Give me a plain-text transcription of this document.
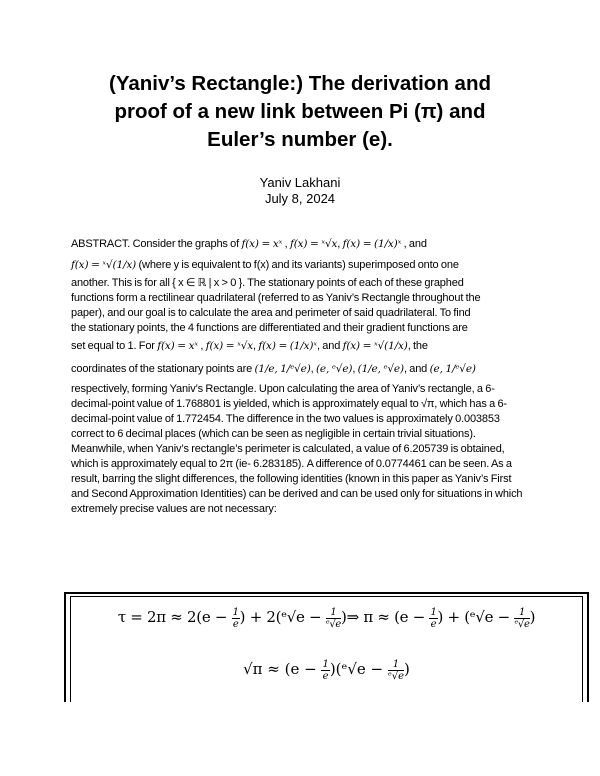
(Yaniv’s Rectangle:) The derivation and
proof of a new link between Pi (π) and
Euler’s number (e).
Yaniv Lakhani
July 8, 2024
ABSTRACT. Consider the graphs of f(x) = xˣ , f(x) = ˣ√x, f(x) = (1/x)ˣ , and
f(x) = ˣ√(1/x) (where y is equivalent to f(x) and its variants) superimposed onto one

another. This is for all { x ∈ ℝ | x > 0 }. The stationary points of each of these graphed

functions form a rectilinear quadrilateral (referred to as Yaniv’s Rectangle throughout the

paper), and our goal is to calculate the area and perimeter of said quadrilateral. To find

the stationary points, the 4 functions are differentiated and their gradient functions are

set equal to 1. For f(x) = xˣ , f(x) = ˣ√x, f(x) = (1/x)ˣ, and f(x) = ˣ√(1/x), the
coordinates of the stationary points are (1/e, 1/ᵉ√e), (e, ᵉ√e), (1/e, ᵉ√e), and (e, 1/ᵉ√e)

respectively, forming Yaniv’s Rectangle. Upon calculating the area of Yaniv’s rectangle, a 6-decimal-point value of 1.768801 is yielded, which is approximately equal to √π, which has a 6-decimal-point value of 1.772454. The difference in the two values is approximately 0.003853 correct to 6 decimal places (which can be seen as negligible in certain trivial situations). Meanwhile, when Yaniv’s rectangle’s perimeter is calculated, a value of 6.205739 is obtained, which is approximately equal to 2π (ie- 6.283185). A difference of 0.0774461 can be seen. As a result, barring the slight differences, the following identities (known in this paper as Yaniv’s First and Second Approximation Identities) can be derived and can be used only for situations in which extremely precise values are not necessary:

$\tau = 2\pi \approx 2(e - \frac{1}{e}$ ) + 2(ᵉ√e − $\frac{1}{\text{ᵉ√e}}$ )⇒ $\pi \approx (e - \frac{1}{e}$ ) + (ᵉ√e − $\frac{1}{\text{ᵉ√e}}$ )
$√\pi \approx (e - \frac{1}{e}$ )(ᵉ√e − $\frac{1}{\text{ᵉ√e}}$ )
